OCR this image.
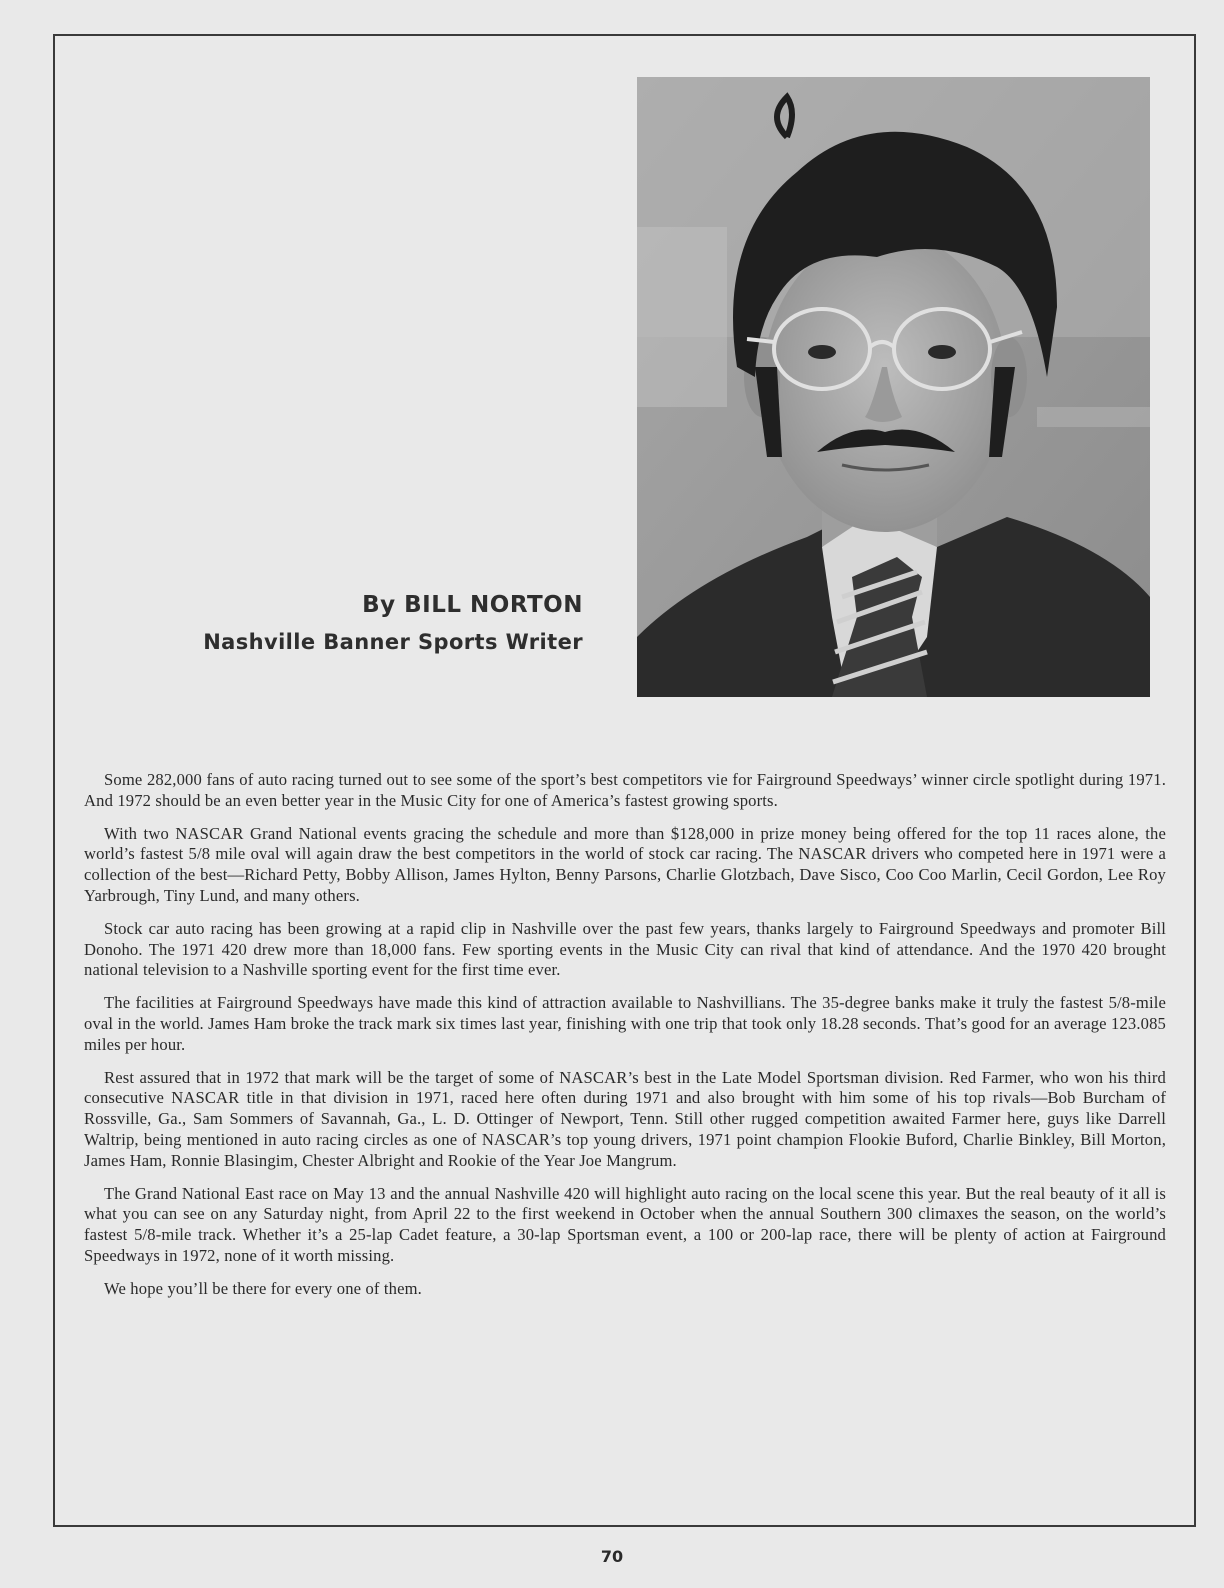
By BILL NORTON
Nashville Banner Sports Writer

Some 282,000 fans of auto racing turned out to see some of the sport’s best competitors vie for Fairground Speedways’ winner circle spotlight during 1971. And 1972 should be an even better year in the Music City for one of America’s fastest growing sports.

With two NASCAR Grand National events gracing the schedule and more than $128,000 in prize money being offered for the top 11 races alone, the world’s fastest 5/8 mile oval will again draw the best competitors in the world of stock car racing. The NASCAR drivers who competed here in 1971 were a collection of the best—Richard Petty, Bobby Allison, James Hylton, Benny Parsons, Charlie Glotzbach, Dave Sisco, Coo Coo Marlin, Cecil Gordon, Lee Roy Yarbrough, Tiny Lund, and many others.

Stock car auto racing has been growing at a rapid clip in Nashville over the past few years, thanks largely to Fairground Speedways and promoter Bill Donoho. The 1971 420 drew more than 18,000 fans. Few sporting events in the Music City can rival that kind of attendance. And the 1970 420 brought national television to a Nashville sporting event for the first time ever.

The facilities at Fairground Speedways have made this kind of attraction available to Nashvillians. The 35-degree banks make it truly the fastest 5/8-mile oval in the world. James Ham broke the track mark six times last year, finishing with one trip that took only 18.28 seconds. That’s good for an average 123.085 miles per hour.

Rest assured that in 1972 that mark will be the target of some of NASCAR’s best in the Late Model Sportsman division. Red Farmer, who won his third consecutive NASCAR title in that division in 1971, raced here often during 1971 and also brought with him some of his top rivals—Bob Burcham of Rossville, Ga., Sam Sommers of Savannah, Ga., L. D. Ottinger of Newport, Tenn. Still other rugged competition awaited Farmer here, guys like Darrell Waltrip, being mentioned in auto racing circles as one of NASCAR’s top young drivers, 1971 point champion Flookie Buford, Charlie Binkley, Bill Morton, James Ham, Ronnie Blasingim, Chester Albright and Rookie of the Year Joe Mangrum.

The Grand National East race on May 13 and the annual Nashville 420 will highlight auto racing on the local scene this year. But the real beauty of it all is what you can see on any Saturday night, from April 22 to the first weekend in October when the annual Southern 300 climaxes the season, on the world’s fastest 5/8-mile track. Whether it’s a 25-lap Cadet feature, a 30-lap Sportsman event, a 100 or 200-lap race, there will be plenty of action at Fairground Speedways in 1972, none of it worth missing.

We hope you’ll be there for every one of them.

70
